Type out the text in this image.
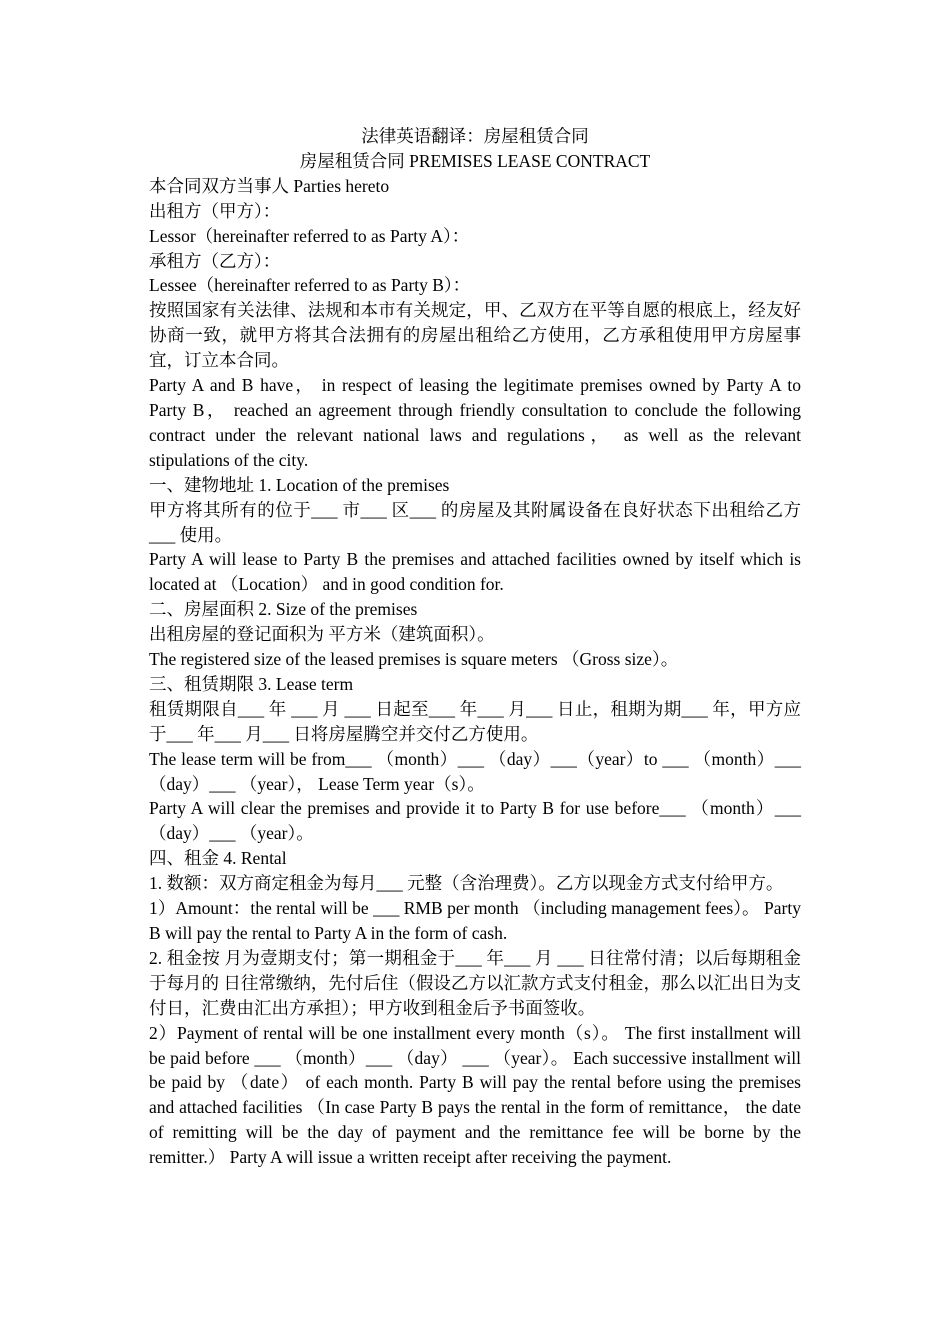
法律英语翻译：房屋租赁合同

房屋租赁合同 PREMISES LEASE CONTRACT

本合同双方当事人 Parties hereto

出租方（甲方）：

Lessor（hereinafter referred to as Party A）：

承租方（乙方）：

Lessee（hereinafter referred to as Party B）：

按照国家有关法律、法规和本市有关规定，甲、乙双方在平等自愿的根底上，经友好协商一致，就甲方将其合法拥有的房屋出租给乙方使用，乙方承租使用甲方房屋事宜，订立本合同。

Party A and B have， in respect of leasing the legitimate premises owned by Party A to Party B， reached an agreement through friendly consultation to conclude the following contract under the relevant national laws and regulations， as well as the relevant stipulations of the city.

一、建物地址 1. Location of the premises

甲方将其所有的位于___ 市___ 区___ 的房屋及其附属设备在良好状态下出租给乙方___ 使用。

Party A will lease to Party B the premises and attached facilities owned by itself which is located at （Location） and in good condition for.

二、房屋面积 2. Size of the premises

出租房屋的登记面积为 平方米（建筑面积）。

The registered size of the leased premises is square meters （Gross size）。

三、租赁期限 3. Lease term

租赁期限自___ 年 ___ 月 ___ 日起至___ 年___ 月___ 日止，租期为期___ 年，甲方应于___ 年___ 月___ 日将房屋腾空并交付乙方使用。

The lease term will be from___ （month）___ （day）___（year）to ___ （month）___ （day）___ （year）， Lease Term year（s）。

Party A will clear the premises and provide it to Party B for use before___ （month）___ （day）___ （year）。

四、租金 4. Rental

1. 数额：双方商定租金为每月___ 元整（含治理费）。乙方以现金方式支付给甲方。

1）Amount：the rental will be ___ RMB per month （including management fees）。 Party B will pay the rental to Party A in the form of cash.

2. 租金按 月为壹期支付；第一期租金于___ 年___ 月 ___ 日往常付清；以后每期租金于每月的 日往常缴纳，先付后住（假设乙方以汇款方式支付租金，那么以汇出日为支付日，汇费由汇出方承担）；甲方收到租金后予书面签收。

2）Payment of rental will be one installment every month（s）。 The first installment will be paid before ___ （month）___ （day） ___ （year）。 Each successive installment will be paid by （date） of each month. Party B will pay the rental before using the premises and attached facilities （In case Party B pays the rental in the form of remittance， the date of remitting will be the day of payment and the remittance fee will be borne by the remitter.） Party A will issue a written receipt after receiving the payment.
